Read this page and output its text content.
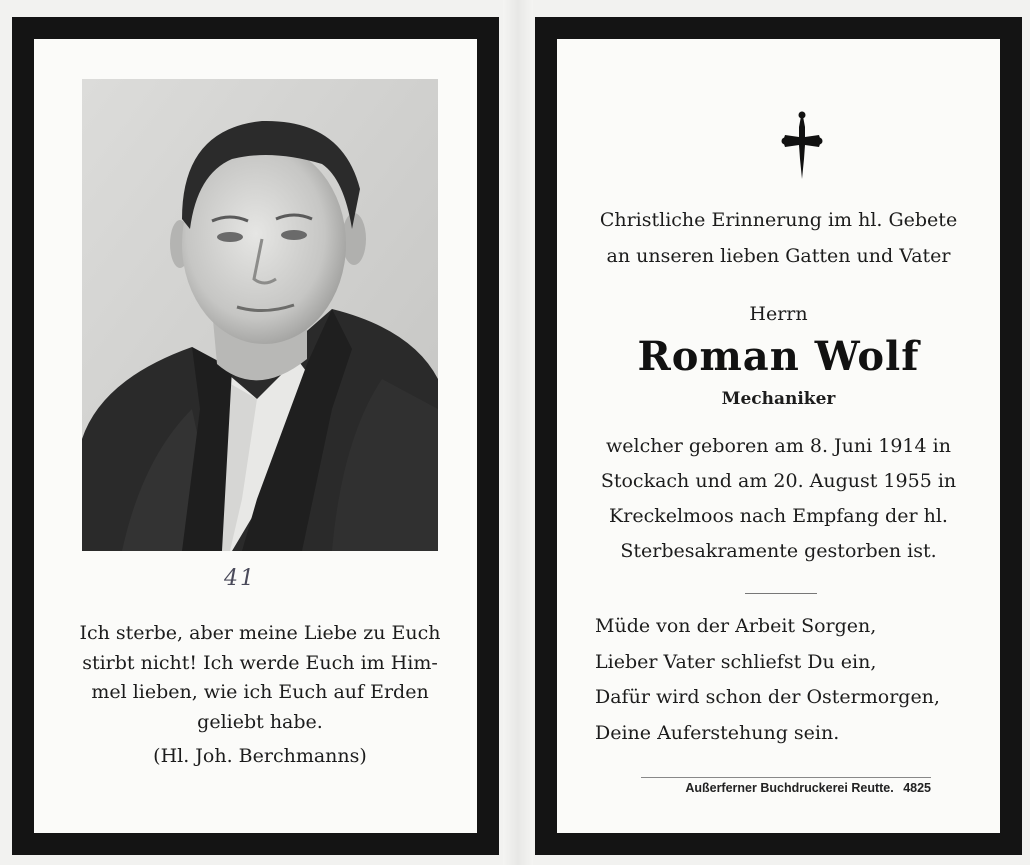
41
Ich sterbe, aber meine Liebe zu Euch
stirbt nicht! Ich werde Euch im Him-
mel lieben, wie ich Euch auf Erden
geliebt habe.
(Hl. Joh. Berchmanns)
Christliche Erinnerung im hl. Gebete
an unseren lieben Gatten und Vater
Herrn
Roman Wolf
Mechaniker
welcher geboren am 8. Juni 1914 in
Stockach und am 20. August 1955 in
Kreckelmoos nach Empfang der hl.
Sterbesakramente gestorben ist.
Müde von der Arbeit Sorgen,
Lieber Vater schliefst Du ein,
Dafür wird schon der Ostermorgen,
Deine Auferstehung sein.
Außerferner Buchdruckerei Reutte. 4825
